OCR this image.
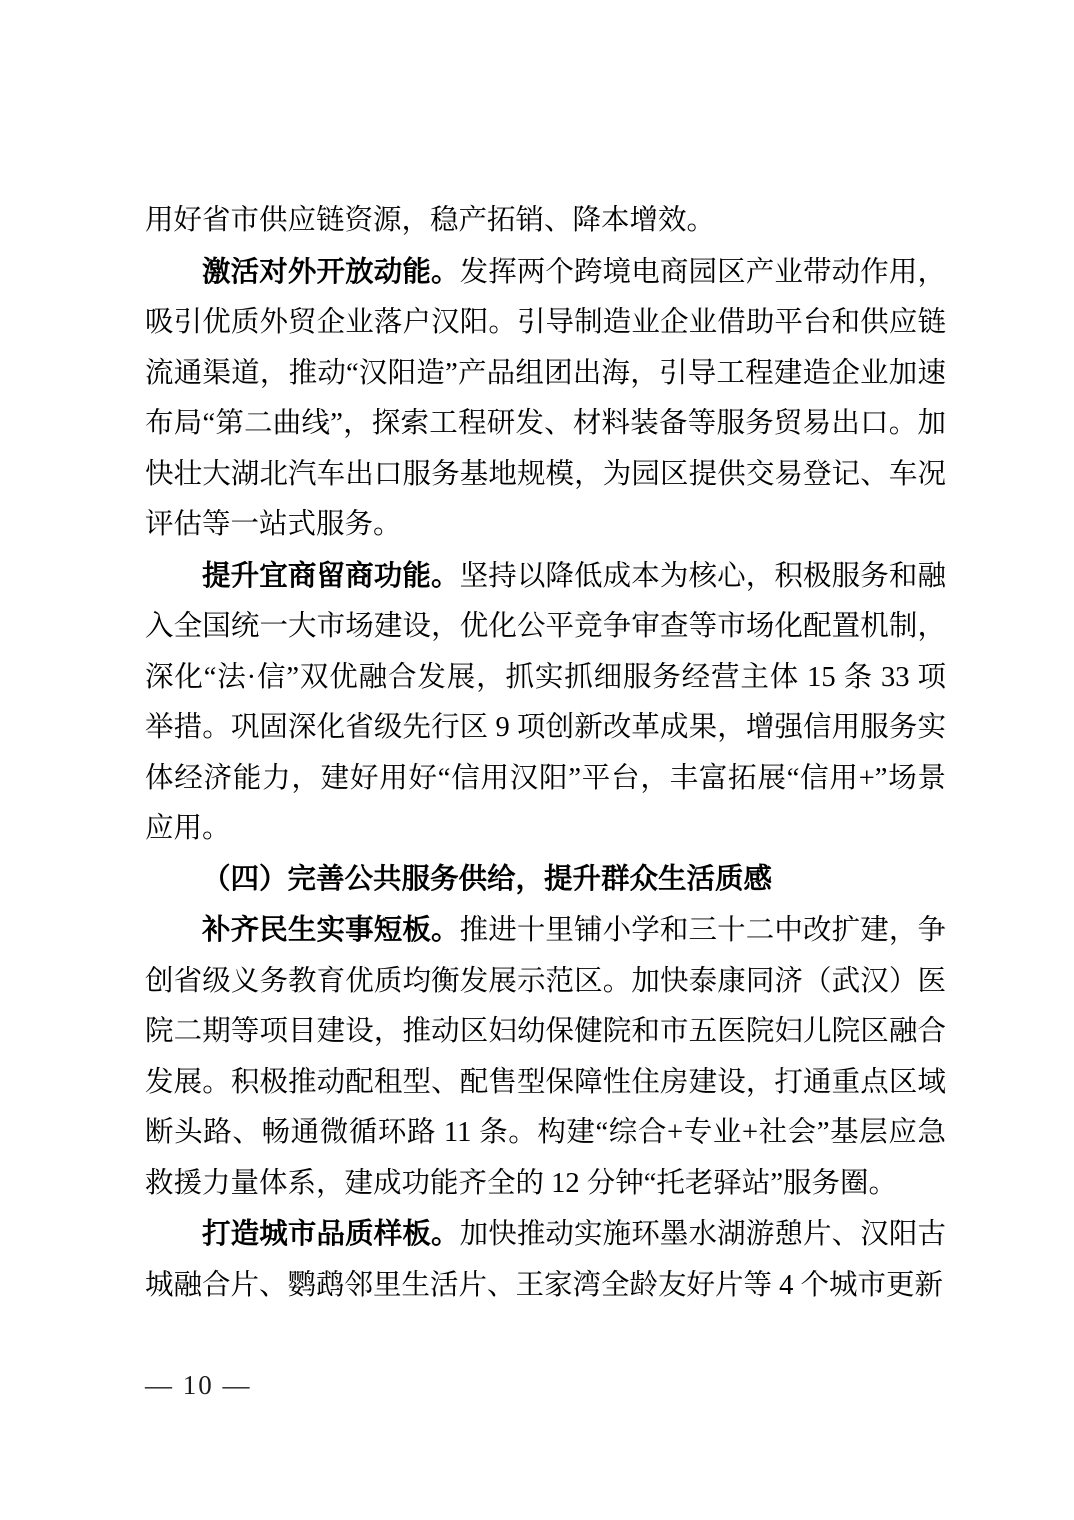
用好省市供应链资源，稳产拓销、降本增效。

激活对外开放动能。发挥两个跨境电商园区产业带动作用，吸引优质外贸企业落户汉阳。引导制造业企业借助平台和供应链流通渠道，推动“汉阳造”产品组团出海，引导工程建造企业加速布局“第二曲线”，探索工程研发、材料装备等服务贸易出口。加快壮大湖北汽车出口服务基地规模，为园区提供交易登记、车况评估等一站式服务。

提升宜商留商功能。坚持以降低成本为核心，积极服务和融入全国统一大市场建设，优化公平竞争审查等市场化配置机制，深化“法·信”双优融合发展，抓实抓细服务经营主体 15 条 33 项举措。巩固深化省级先行区 9 项创新改革成果，增强信用服务实体经济能力，建好用好“信用汉阳”平台，丰富拓展“信用+”场景应用。

（四）完善公共服务供给，提升群众生活质感

补齐民生实事短板。推进十里铺小学和三十二中改扩建，争创省级义务教育优质均衡发展示范区。加快泰康同济（武汉）医院二期等项目建设，推动区妇幼保健院和市五医院妇儿院区融合发展。积极推动配租型、配售型保障性住房建设，打通重点区域断头路、畅通微循环路 11 条。构建“综合+专业+社会”基层应急救援力量体系，建成功能齐全的 12 分钟“托老驿站”服务圈。

打造城市品质样板。加快推动实施环墨水湖游憩片、汉阳古城融合片、鹦鹉邻里生活片、王家湾全龄友好片等 4 个城市更新

— 10 —
